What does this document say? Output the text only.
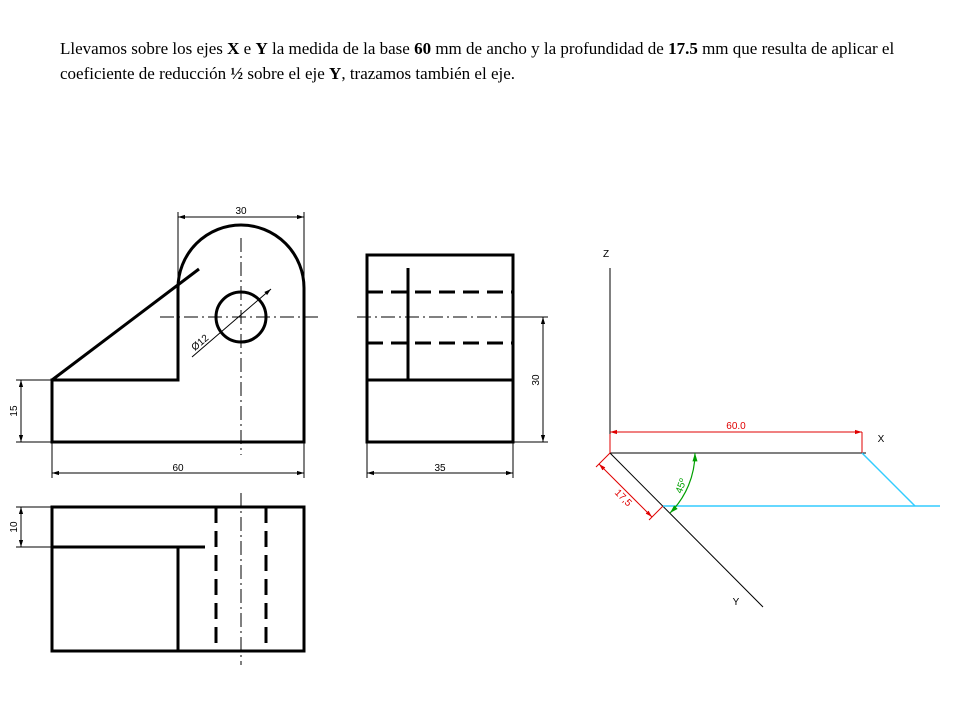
Llevamos sobre los ejes X e Y la medida de la base 60 mm de ancho y la profundidad de 17.5 mm que resulta de aplicar el coeficiente de reducción ½ sobre el eje Y, trazamos también el eje.
30
15
60
Ø12
30
35
10
Z
X
Y
60.0
17,5
45º
